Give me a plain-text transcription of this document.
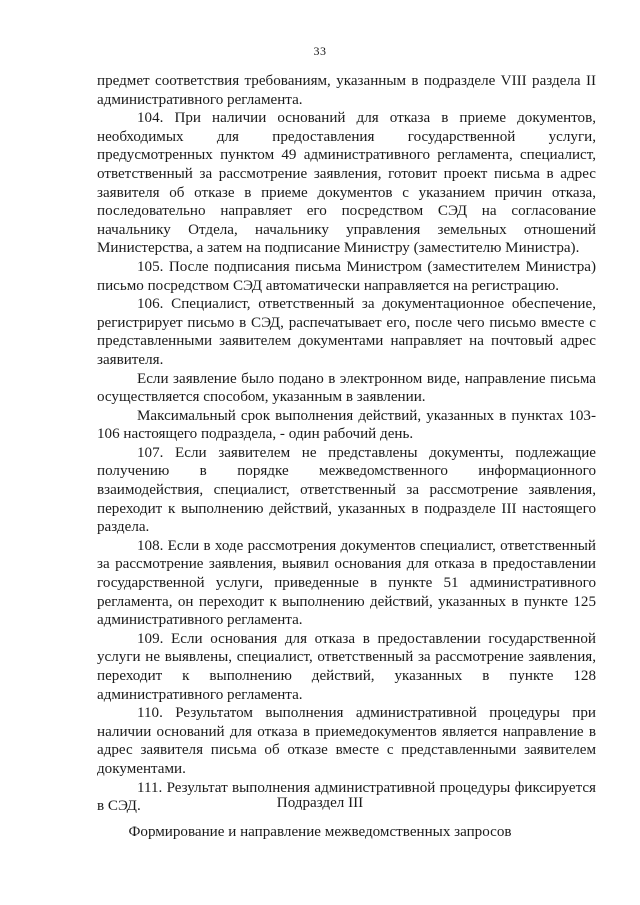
33

предмет соответствия требованиям, указанным в подразделе VIII раздела II административного регламента.

104. При наличии оснований для отказа в приеме документов, необходимых для предоставления государственной услуги, предусмотренных пунктом 49 административного регламента, специалист, ответственный за рассмотрение заявления, готовит проект письма в адрес заявителя об отказе в приеме документов с указанием причин отказа, последовательно направляет его посредством СЭД на согласование начальнику Отдела, начальнику управления земельных отношений Министерства, а затем на подписание Министру (заместителю Министра).

105. После подписания письма Министром (заместителем Министра) письмо посредством СЭД автоматически направляется на регистрацию.

106. Специалист, ответственный за документационное обеспечение, регистрирует письмо в СЭД, распечатывает его, после чего письмо вместе с представленными заявителем документами направляет на почтовый адрес заявителя.

Если заявление было подано в электронном виде, направление письма осуществляется способом, указанным в заявлении.

Максимальный срок выполнения действий, указанных в пунктах 103-106 настоящего подраздела, - один рабочий день.

107. Если заявителем не представлены документы, подлежащие получению в порядке межведомственного информационного взаимодействия, специалист, ответственный за рассмотрение заявления, переходит к выполнению действий, указанных в подразделе III настоящего раздела.

108. Если в ходе рассмотрения документов специалист, ответственный за рассмотрение заявления, выявил основания для отказа в предоставлении государственной услуги, приведенные в пункте 51 административного регламента, он переходит к выполнению действий, указанных в пункте 125 административного регламента.

109. Если основания для отказа в предоставлении государственной услуги не выявлены, специалист, ответственный за рассмотрение заявления, переходит к выполнению действий, указанных в пункте 128 административного регламента.

110. Результатом выполнения административной процедуры при наличии оснований для отказа в приемедокументов является направление в адрес заявителя письма об отказе вместе с представленными заявителем документами.

111. Результат выполнения административной процедуры фиксируется в СЭД.	Подраздел III
Формирование и направление межведомственных запросов
